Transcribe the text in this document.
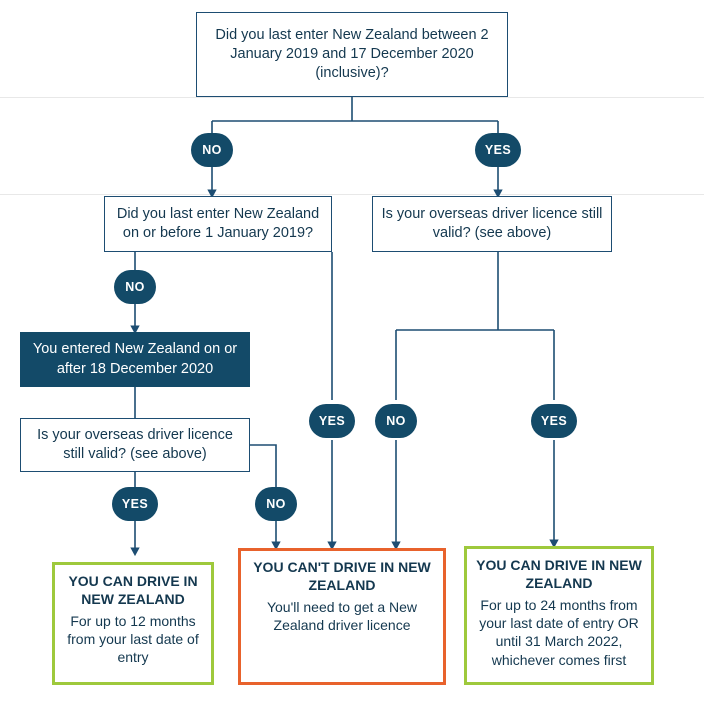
Did you last enter New Zealand between 2 January 2019 and 17 December 2020 (inclusive)?
NO	YES
Did you last enter New Zealand on or before 1 January 2019?
Is your overseas driver licence still valid? (see above)
NO
You entered New Zealand on or after 18 December 2020
Is your overseas driver licence still valid? (see above)
YES	NO
YES	NO	YES
YOU CAN DRIVE IN NEW ZEALAND
For up to 12 months from your last date of entry
YOU CAN'T DRIVE IN NEW ZEALAND
You'll need to get a New Zealand driver licence
YOU CAN DRIVE IN NEW ZEALAND
For up to 24 months from your last date of entry OR until 31 March 2022, whichever comes first
